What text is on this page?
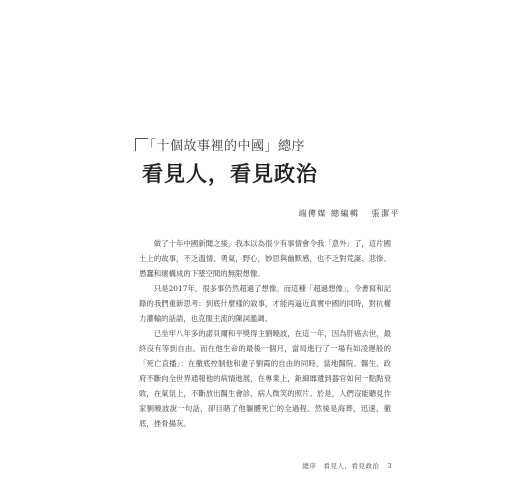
「十個故事裡的中國」總序
看見人，看見政治
端傳媒 總編輯 張潔平

做了十年中國新聞之後，我本以為很少有事情會令我「意外」了，這片國土上的故事，不乏溫情、勇氣，野心，妙思與幽默感，也不乏對荒誕、悲慘、愚蠢和壞構成的下墜空間的無限想像。

只是2017年，很多事仍然超過了想像。而這種「超過想像」，令書寫和記錄的我們重新思考：到底什麼樣的敘事，才能再逼近真實中國的同時，對抗權力灌輸的話語，也克服主流的陳詞濫調。

已坐牢八年多的諾貝爾和平獎得主劉曉波，在這一年，因為肝癌去世，最終沒有等到自由。而在他生命的最後一個月，當局進行了一場有如凌遲般的「死亡直播」：在徹底控制他和妻子劉霞的自由的同時，當地醫院、醫生、政府不斷向全世界通報他的病情進展，在專業上，鉅細靡遺到器官如何一點點衰敗，在氣氛上，不斷放出醫生會診、病人微笑的照片。於是，人們沒能聽見作家劉曉波說一句話，卻目睹了他軀體死亡的全過程。然後是海葬，迅速，徹底，挫骨揚灰。

總序　看見人，看見政治 3
